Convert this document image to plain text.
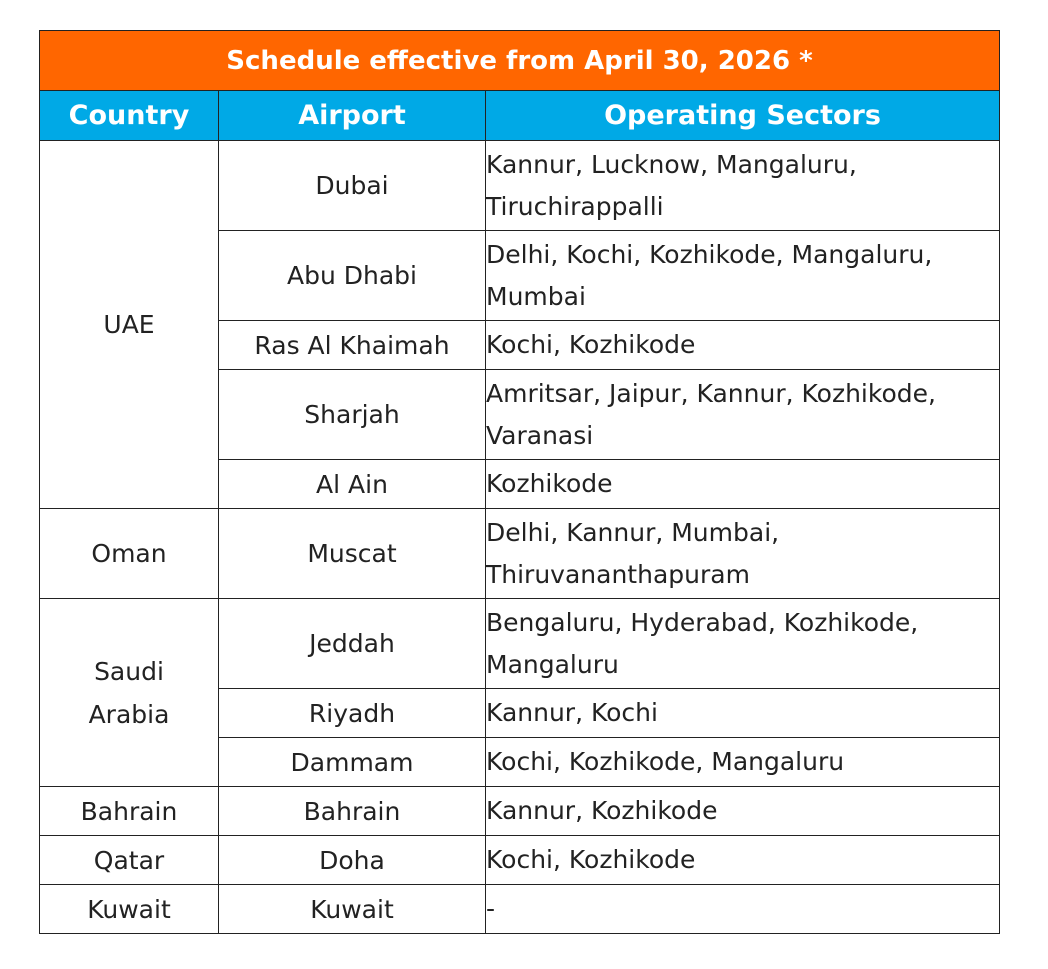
Schedule effective from April 30, 2026 *		
Country	Airport	Operating Sectors
UAE	Dubai	Kannur, Lucknow, Mangaluru, Tiruchirappalli
	Abu Dhabi	Delhi, Kochi, Kozhikode, Mangaluru, Mumbai
	Ras Al Khaimah	Kochi, Kozhikode
	Sharjah	Amritsar, Jaipur, Kannur, Kozhikode, Varanasi
	Al Ain	Kozhikode
Oman	Muscat	Delhi, Kannur, Mumbai, Thiruvananthapuram
Saudi Arabia	Jeddah	Bengaluru, Hyderabad, Kozhikode, Mangaluru
	Riyadh	Kannur, Kochi
	Dammam	Kochi, Kozhikode, Mangaluru
Bahrain	Bahrain	Kannur, Kozhikode
Qatar	Doha	Kochi, Kozhikode
Kuwait	Kuwait	-
